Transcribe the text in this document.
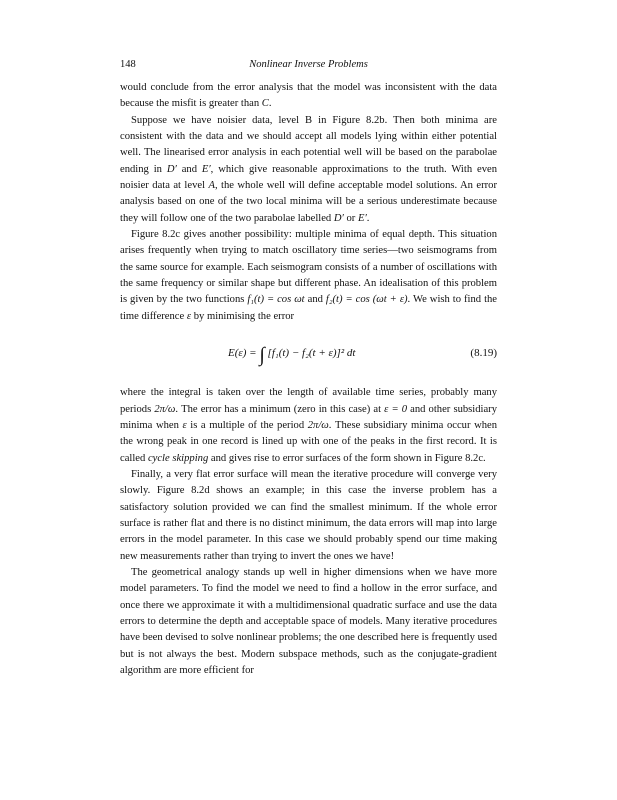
148	Nonlinear Inverse Problems

would conclude from the error analysis that the model was inconsistent with the data because the misfit is greater than C.

Suppose we have noisier data, level B in Figure 8.2b. Then both minima are consistent with the data and we should accept all models lying within either potential well. The linearised error analysis in each potential well will be based on the parabolae ending in D′ and E′, which give reasonable approximations to the truth. With even noisier data at level A, the whole well will define acceptable model solutions. An error analysis based on one of the two local minima will be a serious underestimate because they will follow one of the two parabolae labelled D′ or E′.

Figure 8.2c gives another possibility: multiple minima of equal depth. This situation arises frequently when trying to match oscillatory time series—two seismograms from the same source for example. Each seismogram consists of a number of oscillations with the same frequency or similar shape but different phase. An idealisation of this problem is given by the two functions f₁(t) = cos ωt and f₂(t) = cos (ωt + ε). We wish to find the time difference ε by minimising the error

E(ε) = ∫ [f₁(t) − f₂(t + ε)]² dt	(8.19)

where the integral is taken over the length of available time series, probably many periods 2π/ω. The error has a minimum (zero in this case) at ε = 0 and other subsidiary minima when ε is a multiple of the period 2π/ω. These subsidiary minima occur when the wrong peak in one record is lined up with one of the peaks in the first record. It is called cycle skipping and gives rise to error surfaces of the form shown in Figure 8.2c.

Finally, a very flat error surface will mean the iterative procedure will converge very slowly. Figure 8.2d shows an example; in this case the inverse problem has a satisfactory solution provided we can find the smallest minimum. If the whole error surface is rather flat and there is no distinct minimum, the data errors will map into large errors in the model parameter. In this case we should probably spend our time making new measurements rather than trying to invert the ones we have!

The geometrical analogy stands up well in higher dimensions when we have more model parameters. To find the model we need to find a hollow in the error surface, and once there we approximate it with a multidimensional quadratic surface and use the data errors to determine the depth and acceptable space of models. Many iterative procedures have been devised to solve nonlinear problems; the one described here is frequently used but is not always the best. Modern subspace methods, such as the conjugate-gradient algorithm are more efficient for
